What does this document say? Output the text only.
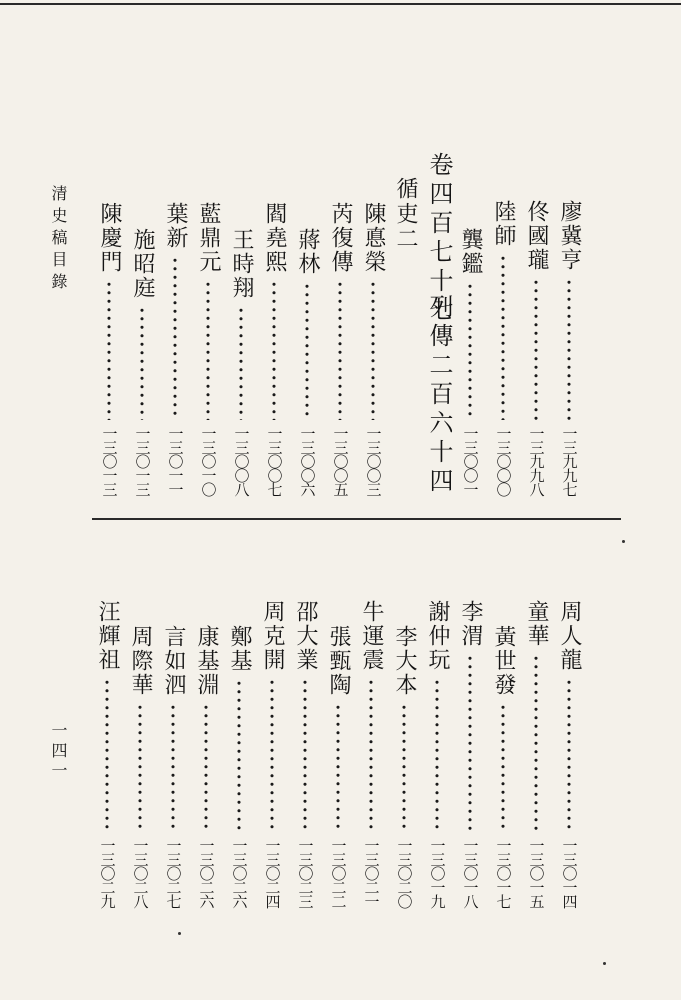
清史稿目錄	卷四百七十七
列傳二百六十四
循吏二	廖冀亨
一三九九七
佟國瓏
一三九九八
陸師
一三〇〇〇
龔鑑
一三〇〇一
陳悳榮
一三〇〇三
芮復傳
一三〇〇五
蔣林
一三〇〇六
閻堯熙
一三〇〇七
王時翔
一三〇〇八
藍鼎元
一三〇一〇
葉新
一三〇一一
施昭庭
一三〇一三
陳慶門
一三〇一三
周人龍
一三〇一四
童華
一三〇一五
黃世發
一三〇一七
李渭
一三〇一八
謝仲玩
一三〇一九
李大本
一三〇二〇
牛運震
一三〇二一
張甄陶
一三〇二二
邵大業
一三〇二三
周克開
一三〇二四
鄭基
一三〇二六
康基淵
一三〇二六
言如泗
一三〇二七
周際華
一三〇二八
汪輝祖
一三〇二九
一四一
